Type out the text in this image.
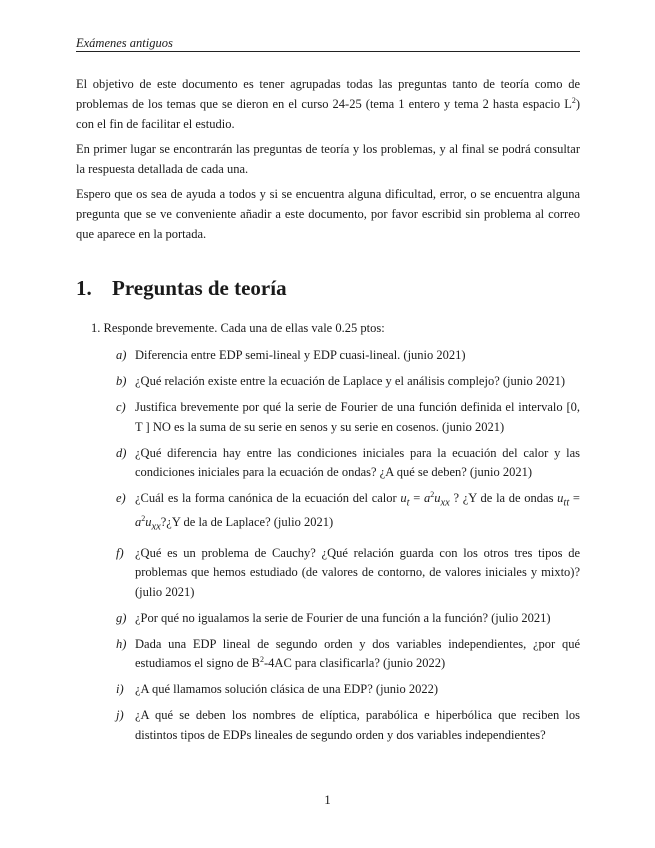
Exámenes antiguos

El objetivo de este documento es tener agrupadas todas las preguntas tanto de teoría como de problemas de los temas que se dieron en el curso 24-25 (tema 1 entero y tema 2 hasta espacio $L^2$) con el fin de facilitar el estudio.

En primer lugar se encontrarán las preguntas de teoría y los problemas, y al final se podrá consultar la respuesta detallada de cada una.

Espero que os sea de ayuda a todos y si se encuentra alguna dificultad, error, o se encuentra alguna pregunta que se ve conveniente añadir a este documento, por favor escribid sin problema al correo que aparece en la portada.

1. Preguntas de teoría
1. Responde brevemente. Cada una de ellas vale 0.25 ptos:
a) Diferencia entre EDP semi-lineal y EDP cuasi-lineal. (junio 2021)
b) ¿Qué relación existe entre la ecuación de Laplace y el análisis complejo? (junio 2021)
c) Justifica brevemente por qué la serie de Fourier de una función definida el intervalo [0, T ] NO es la suma de su serie en senos y su serie en cosenos. (junio 2021)
d) ¿Qué diferencia hay entre las condiciones iniciales para la ecuación del calor y las condiciones iniciales para la ecuación de ondas? ¿A qué se deben? (junio 2021)
e) ¿Cuál es la forma canónica de la ecuación del calor $u_t = a^2u_{xx}$ ? ¿Y de la de ondas $u_{tt}$ = $a^2u_{xx}?¿Y$ de la de Laplace? (julio 2021)
f) ¿Qué es un problema de Cauchy? ¿Qué relación guarda con los otros tres tipos de problemas que hemos estudiado (de valores de contorno, de valores iniciales y mixto)? (julio 2021)
g) ¿Por qué no igualamos la serie de Fourier de una función a la función? (julio 2021)
h) Dada una EDP lineal de segundo orden y dos variables independientes, ¿por qué estudiamos el signo de $B^2-4AC$ para clasificarla? (junio 2022)
i) ¿A qué llamamos solución clásica de una EDP? (junio 2022)
j) ¿A qué se deben los nombres de elíptica, parabólica e hiperbólica que reciben los distintos tipos de EDPs lineales de segundo orden y dos variables independientes?
1
